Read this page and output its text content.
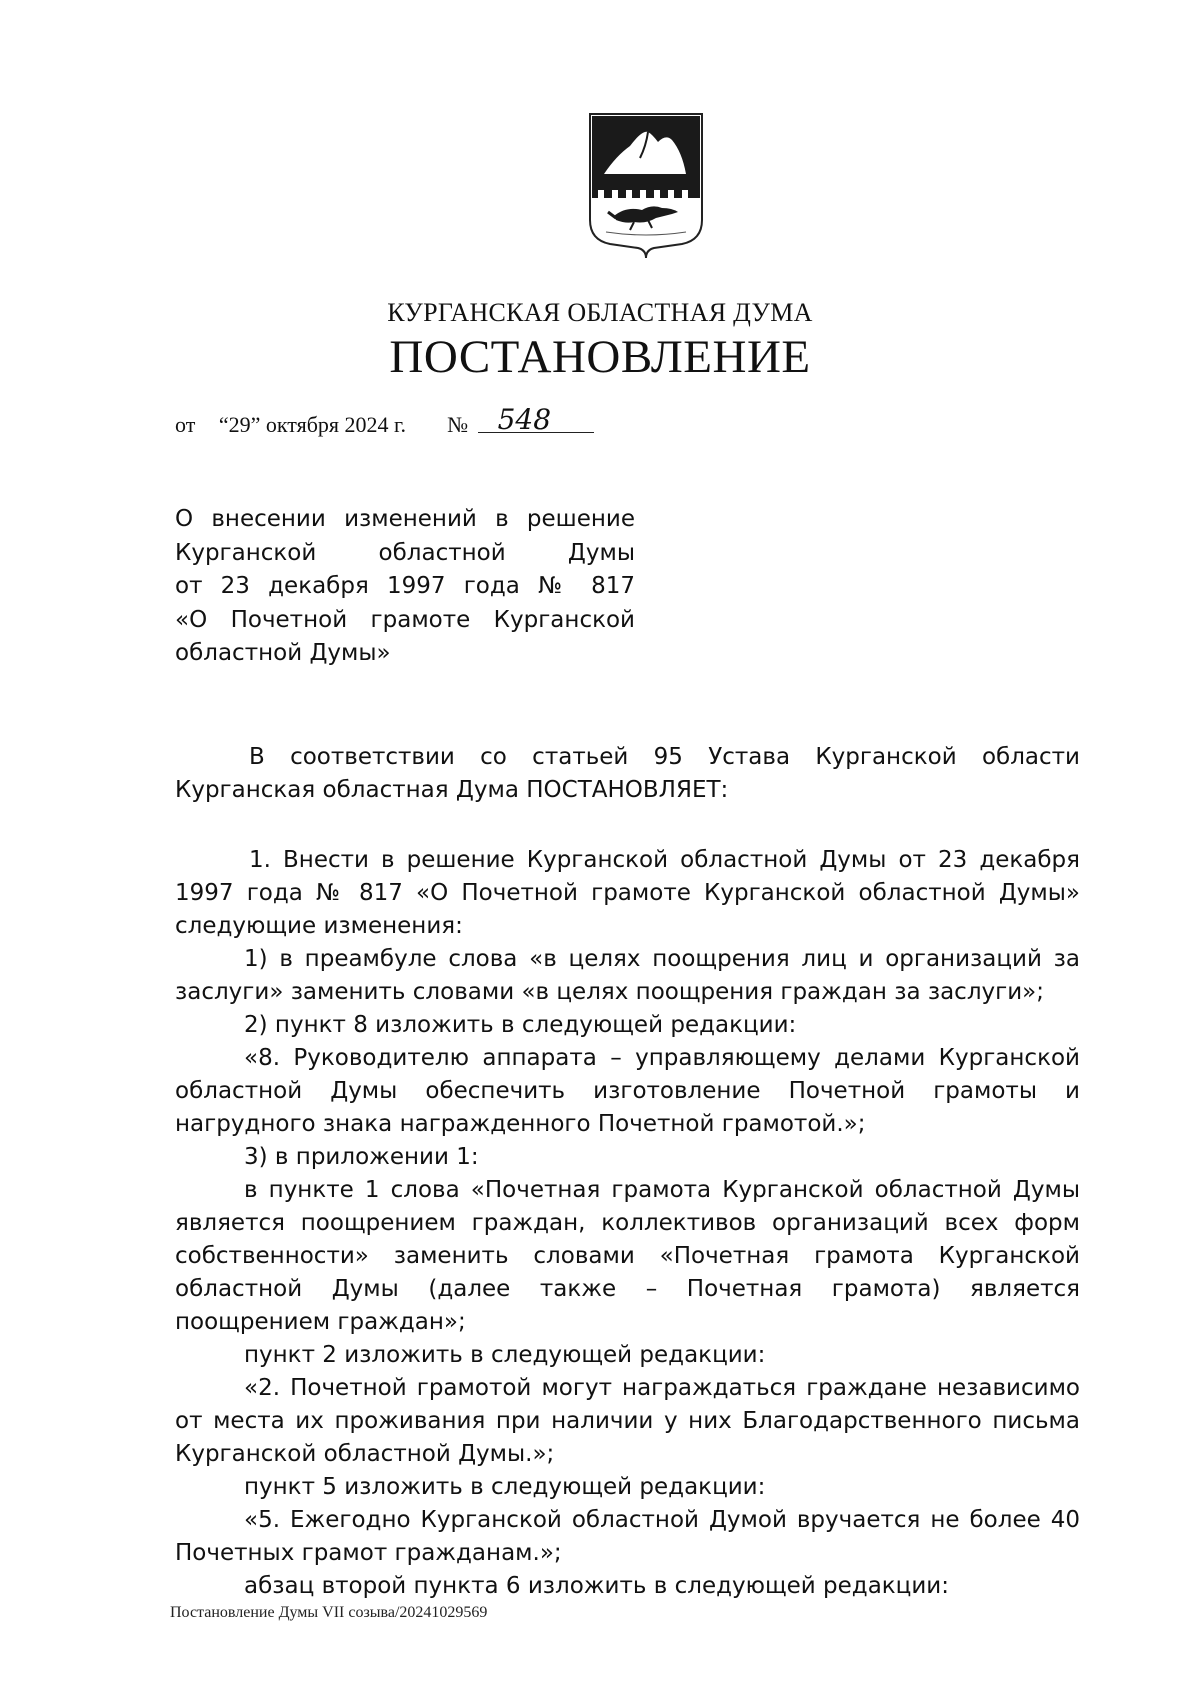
КУРГАНСКАЯ ОБЛАСТНАЯ ДУМА
ПОСТАНОВЛЕНИЕ
от “29” октября 2024 г. № 548
О внесении изменений в решение
Курганской областной Думы
от 23 декабря 1997 года № 817
«О Почетной грамоте Курганской
областной Думы»

В соответствии со статьей 95 Устава Курганской области Курганская областная Дума ПОСТАНОВЛЯЕТ:

1. Внести в решение Курганской областной Думы от 23 декабря 1997 года № 817 «О Почетной грамоте Курганской областной Думы» следующие изменения:

1) в преамбуле слова «в целях поощрения лиц и организаций за заслуги» заменить словами «в целях поощрения граждан за заслуги»;

2) пункт 8 изложить в следующей редакции:

«8. Руководителю аппарата – управляющему делами Курганской областной Думы обеспечить изготовление Почетной грамоты и нагрудного знака награжденного Почетной грамотой.»;

3) в приложении 1:

в пункте 1 слова «Почетная грамота Курганской областной Думы является поощрением граждан, коллективов организаций всех форм собственности» заменить словами «Почетная грамота Курганской областной Думы (далее также – Почетная грамота) является поощрением граждан»;

пункт 2 изложить в следующей редакции:

«2. Почетной грамотой могут награждаться граждане независимо от места их проживания при наличии у них Благодарственного письма Курганской областной Думы.»;

пункт 5 изложить в следующей редакции:

«5. Ежегодно Курганской областной Думой вручается не более 40 Почетных грамот гражданам.»;

абзац второй пункта 6 изложить в следующей редакции:

Постановление Думы VII созыва/20241029569
